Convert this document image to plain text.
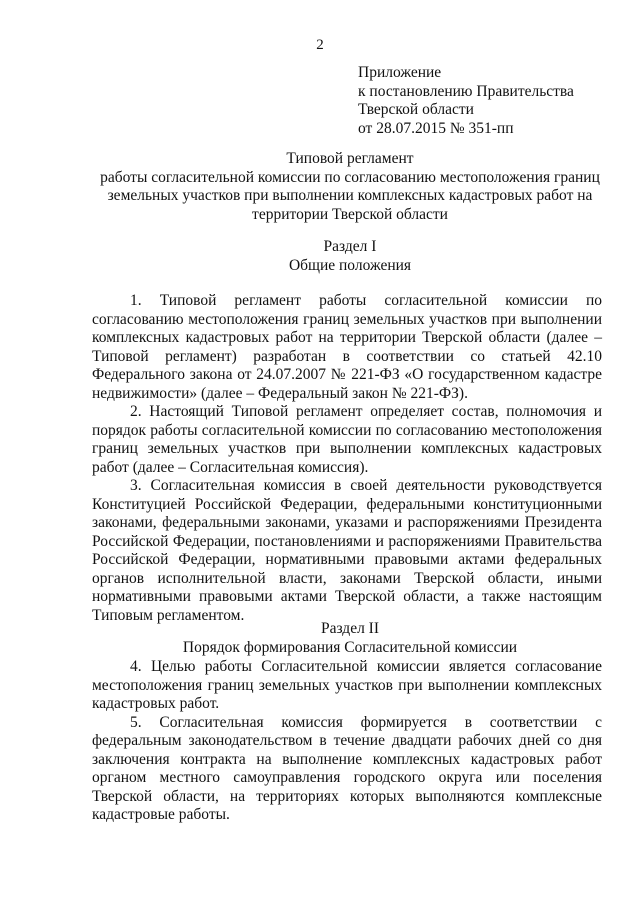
2
Приложение
к постановлению Правительства
Тверской области
от 28.07.2015 № 351-пп
Типовой регламент
работы согласительной комиссии по согласованию местоположения границ
земельных участков при выполнении комплексных кадастровых работ на
территории Тверской области
Раздел I
Общие положения
1. Типовой регламент работы согласительной комиссии по
согласованию местоположения границ земельных участков при выполнении
комплексных кадастровых работ на территории Тверской области (далее –
Типовой регламент) разработан в соответствии со статьей 42.10
Федерального закона от 24.07.2007 № 221-ФЗ «О государственном кадастре
недвижимости» (далее – Федеральный закон № 221-ФЗ).
2. Настоящий Типовой регламент определяет состав, полномочия и
порядок работы согласительной комиссии по согласованию местоположения
границ земельных участков при выполнении комплексных кадастровых
работ (далее – Согласительная комиссия).
3. Согласительная комиссия в своей деятельности руководствуется
Конституцией Российской Федерации, федеральными конституционными
законами, федеральными законами, указами и распоряжениями Президента
Российской Федерации, постановлениями и распоряжениями Правительства
Российской Федерации, нормативными правовыми актами федеральных
органов исполнительной власти, законами Тверской области, иными
нормативными правовыми актами Тверской области, а также настоящим
Типовым регламентом.
Раздел II
Порядок формирования Согласительной комиссии
4. Целью работы Согласительной комиссии является согласование
местоположения границ земельных участков при выполнении комплексных
кадастровых работ.
5. Согласительная комиссия формируется в соответствии с
федеральным законодательством в течение двадцати рабочих дней со дня
заключения контракта на выполнение комплексных кадастровых работ
органом местного самоуправления городского округа или поселения
Тверской области, на территориях которых выполняются комплексные
кадастровые работы.
